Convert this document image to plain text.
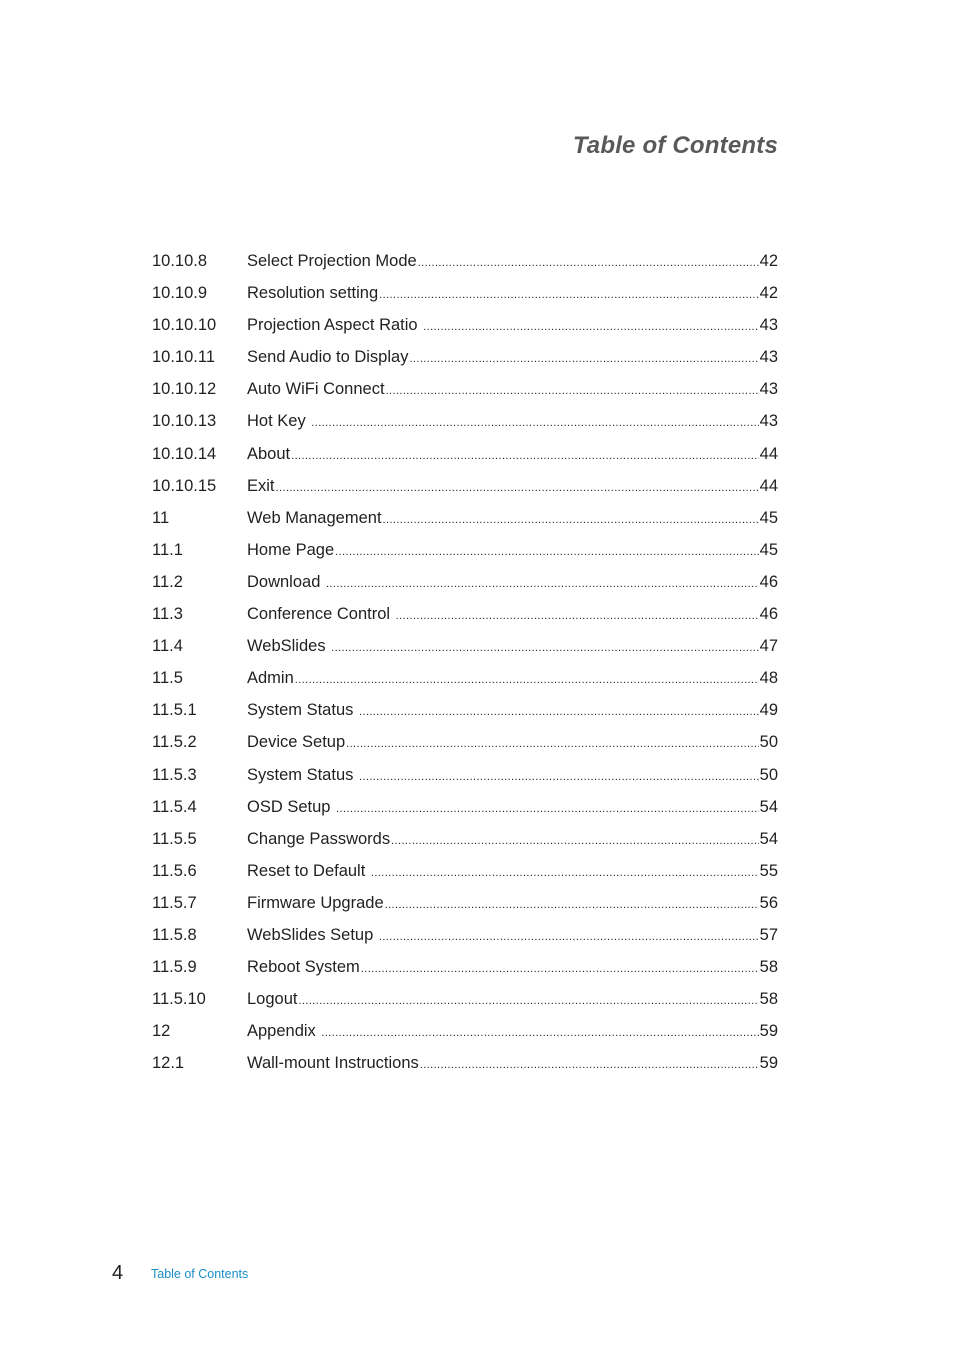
Table of Contents
10.10.8	Select Projection Mode .....	42
10.10.9	Resolution setting .....	42
10.10.10	Projection Aspect Ratio .....	43
10.10.11	Send Audio to Display .....	43
10.10.12	Auto WiFi Connect .....	43
10.10.13	Hot Key .....	43
10.10.14	About .....	44
10.10.15	Exit .....	44
11	Web Management .....	45
11.1	Home Page .....	45
11.2	Download .....	46
11.3	Conference Control .....	46
11.4	WebSlides .....	47
11.5	Admin .....	48
11.5.1	System Status .....	49
11.5.2	Device Setup .....	50
11.5.3	System Status .....	50
11.5.4	OSD Setup .....	54
11.5.5	Change Passwords .....	54
11.5.6	Reset to Default .....	55
11.5.7	Firmware Upgrade .....	56
11.5.8	WebSlides Setup .....	57
11.5.9	Reboot System .....	58
11.5.10	Logout .....	58
12	Appendix .....	59
12.1	Wall-mount Instructions .....	59
4 Table of Contents
